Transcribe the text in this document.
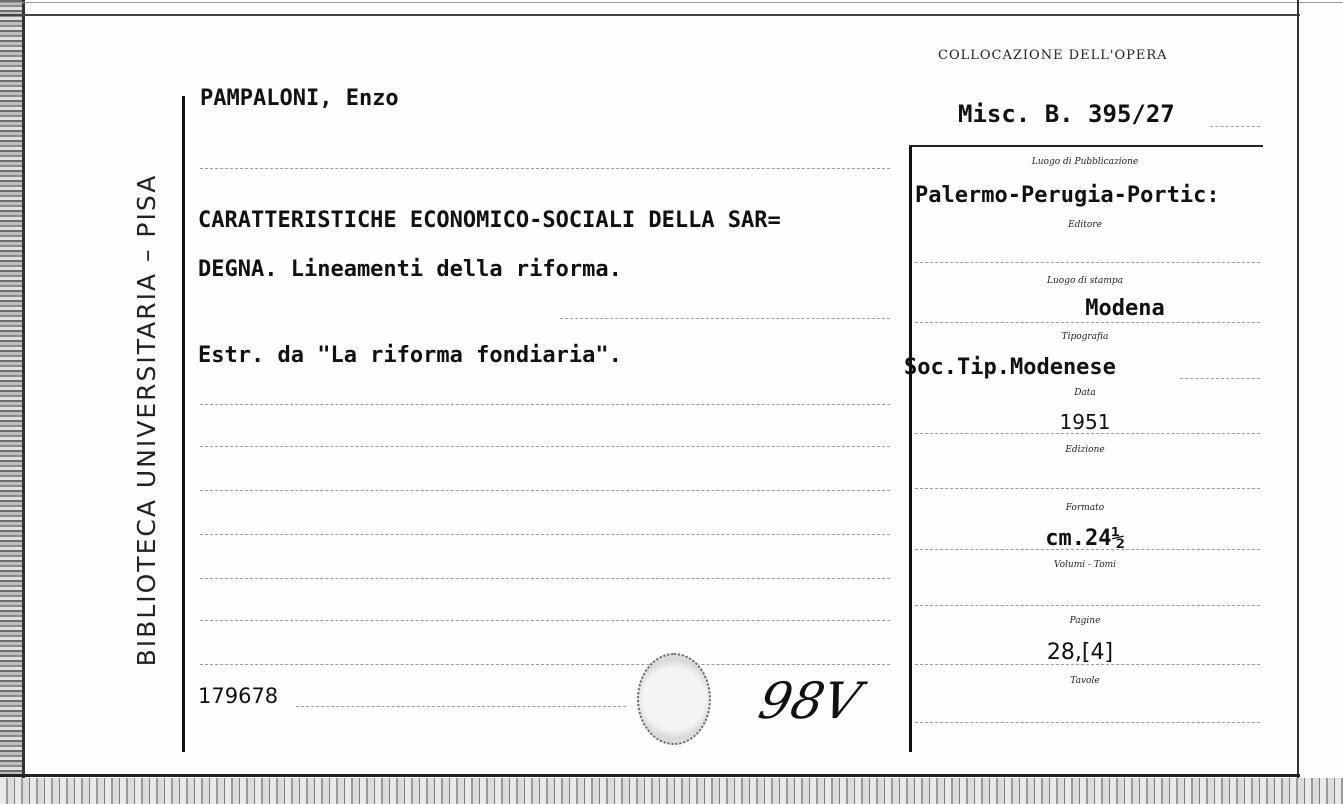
BIBLIOTECA UNIVERSITARIA – PISA
COLLOCAZIONE DELL'OPERA
Misc. B. 395/27
PAMPALONI, Enzo
CARATTERISTICHE ECONOMICO-SOCIALI DELLA SAR=
DEGNA. Lineamenti della riforma.
Estr. da "La riforma fondiaria".
179678	98V
Luogo di Pubblicazione
Palermo-Perugia-Portic:
Editore
Luogo di stampa
Modena
Tipografia
Soc.Tip.Modenese
Data
1951
Edizione
Formato
cm.24½
Volumi - Tomi
Pagine
28,[4]
Tavole
